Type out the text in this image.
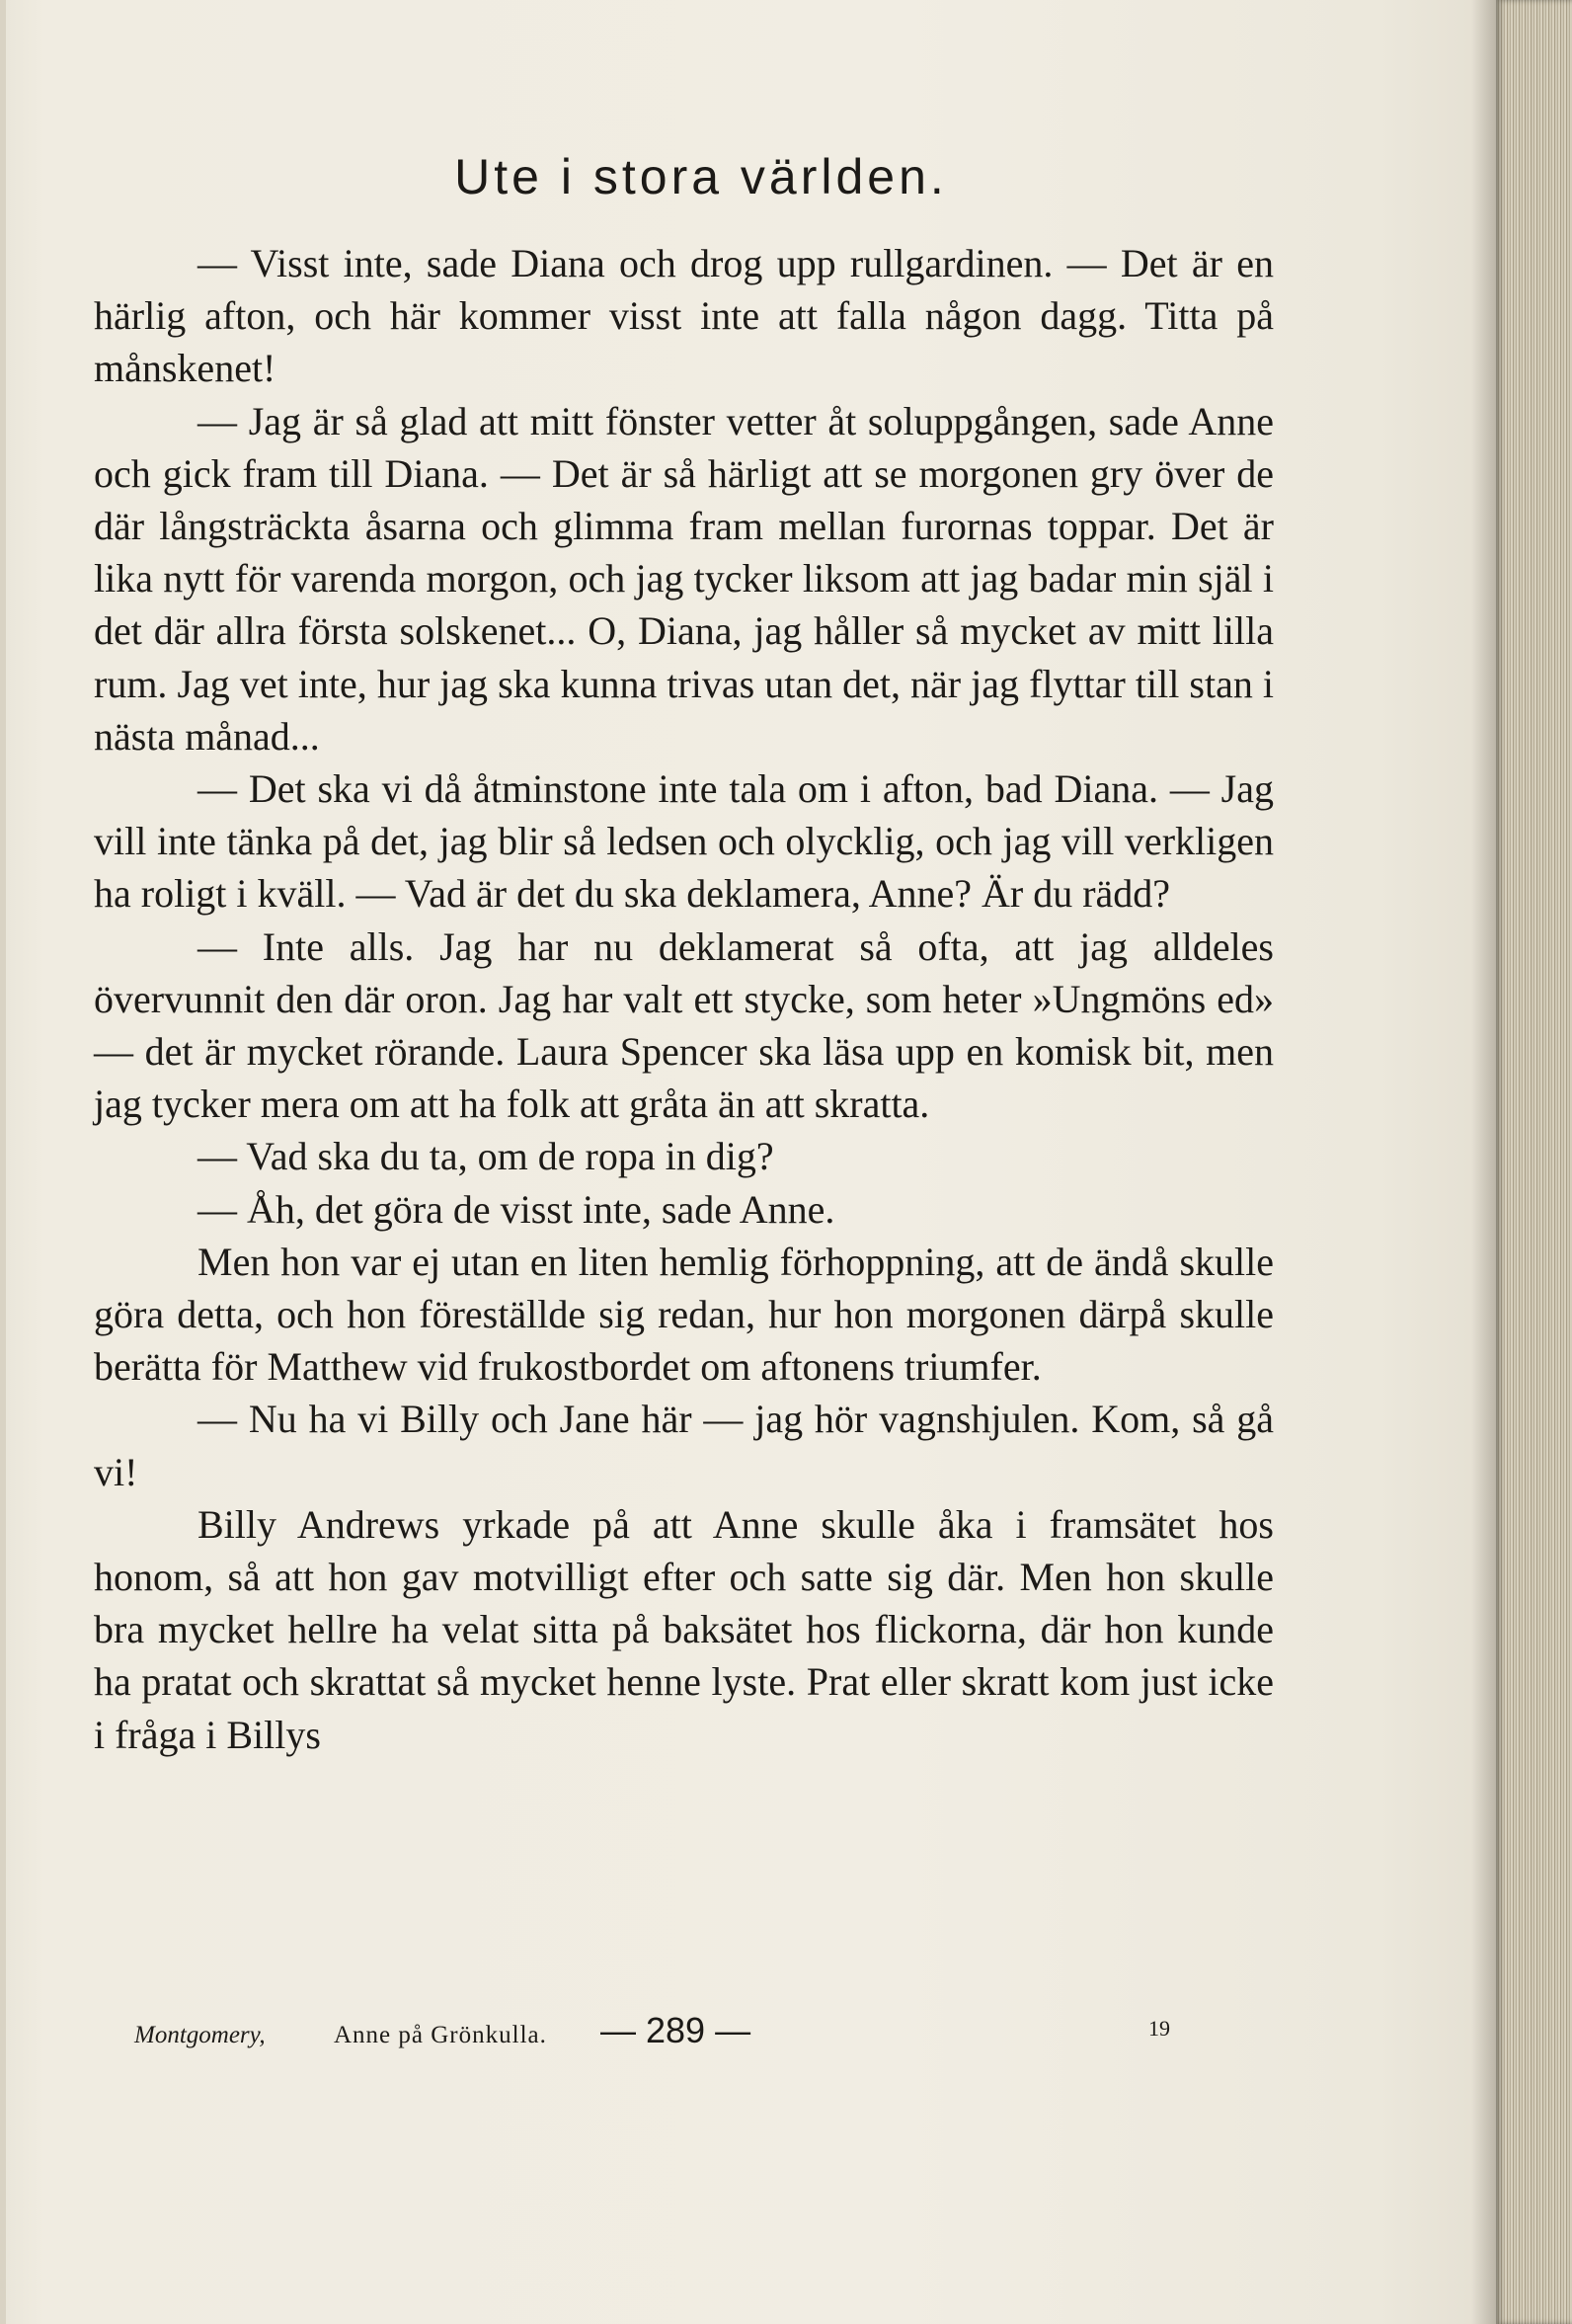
Ute i stora världen.

— Visst inte, sade Diana och drog upp rullgardinen. — Det är en härlig afton, och här kommer visst inte att falla någon dagg. Titta på månskenet!

— Jag är så glad att mitt fönster vetter åt soluppgången, sade Anne och gick fram till Diana. — Det är så härligt att se morgonen gry över de där långsträckta åsarna och glimma fram mellan furornas toppar. Det är lika nytt för varenda morgon, och jag tycker liksom att jag badar min själ i det där allra första solskenet... O, Diana, jag håller så mycket av mitt lilla rum. Jag vet inte, hur jag ska kunna trivas utan det, när jag flyttar till stan i nästa månad...

— Det ska vi då åtminstone inte tala om i afton, bad Diana. — Jag vill inte tänka på det, jag blir så ledsen och olycklig, och jag vill verkligen ha roligt i kväll. — Vad är det du ska deklamera, Anne? Är du rädd?

— Inte alls. Jag har nu deklamerat så ofta, att jag alldeles övervunnit den där oron. Jag har valt ett stycke, som heter »Ungmöns ed» — det är mycket rörande. Laura Spencer ska läsa upp en komisk bit, men jag tycker mera om att ha folk att gråta än att skratta.

— Vad ska du ta, om de ropa in dig?

— Åh, det göra de visst inte, sade Anne.

Men hon var ej utan en liten hemlig förhoppning, att de ändå skulle göra detta, och hon föreställde sig redan, hur hon morgonen därpå skulle berätta för Matthew vid frukostbordet om aftonens triumfer.

— Nu ha vi Billy och Jane här — jag hör vagnshjulen. Kom, så gå vi!

Billy Andrews yrkade på att Anne skulle åka i framsätet hos honom, så att hon gav motvilligt efter och satte sig där. Men hon skulle bra mycket hellre ha velat sitta på baksätet hos flickorna, där hon kunde ha pratat och skrattat så mycket henne lyste. Prat eller skratt kom just icke i fråga i Billys

Montgomery,	Anne på Grönkulla. — 289 —	19
